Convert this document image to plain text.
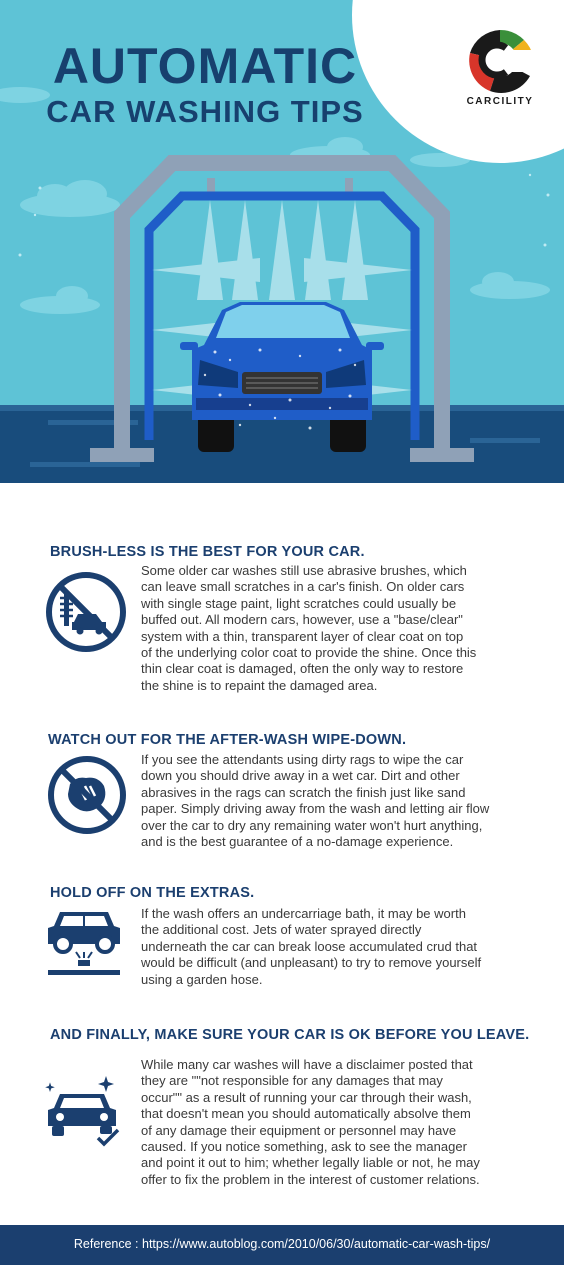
AUTOMATIC
CAR WASHING TIPS	CARCILITY
BRUSH-LESS IS THE BEST FOR YOUR CAR.
Some older car washes still use abrasive brushes, which
can leave small scratches in a car's finish. On older cars
with single stage paint, light scratches could usually be
buffed out. All modern cars, however, use a "base/clear"
system with a thin, transparent layer of clear coat on top
of the underlying color coat to provide the shine. Once this
thin clear coat is damaged, often the only way to restore
the shine is to repaint the damaged area.
WATCH OUT FOR THE AFTER-WASH WIPE-DOWN.
If you see the attendants using dirty rags to wipe the car
down you should drive away in a wet car. Dirt and other
abrasives in the rags can scratch the finish just like sand
paper. Simply driving away from the wash and letting air flow
over the car to dry any remaining water won't hurt anything,
and is the best guarantee of a no-damage experience.
HOLD OFF ON THE EXTRAS.
If the wash offers an undercarriage bath, it may be worth
the additional cost. Jets of water sprayed directly
underneath the car can break loose accumulated crud that
would be difficult (and unpleasant) to try to remove yourself
using a garden hose.
AND FINALLY, MAKE SURE YOUR CAR IS OK BEFORE YOU LEAVE.
While many car washes will have a disclaimer posted that
they are ""not responsible for any damages that may
occur"" as a result of running your car through their wash,
that doesn't mean you should automatically absolve them
of any damage their equipment or personnel may have
caused. If you notice something, ask to see the manager
and point it out to him; whether legally liable or not, he may
offer to fix the problem in the interest of customer relations.
Reference : https://www.autoblog.com/2010/06/30/automatic-car-wash-tips/
